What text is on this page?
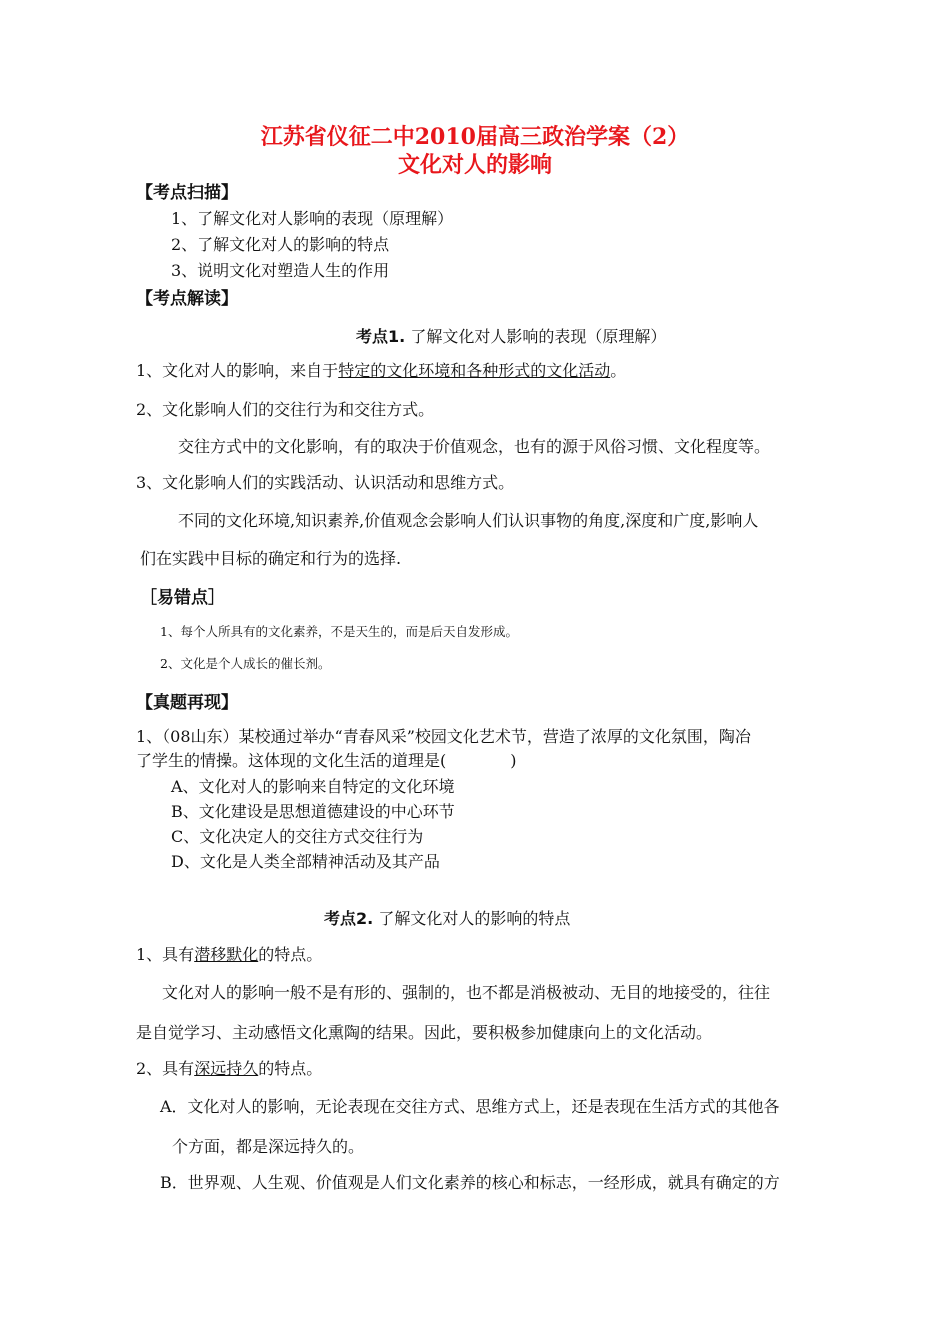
江苏省仪征二中2010届高三政治学案（2）
文化对人的影响
【考点扫描】
1、了解文化对人影响的表现（原理解）
2、了解文化对人的影响的特点
3、说明文化对塑造人生的作用
【考点解读】
考点1. 了解文化对人影响的表现（原理解）
1、文化对人的影响，来自于特定的文化环境和各种形式的文化活动。
2、文化影响人们的交往行为和交往方式。
交往方式中的文化影响，有的取决于价值观念，也有的源于风俗习惯、文化程度等。
3、文化影响人们的实践活动、认识活动和思维方式。
不同的文化环境,知识素养,价值观念会影响人们认识事物的角度,深度和广度,影响人
们在实践中目标的确定和行为的选择.
［易错点］
1、每个人所具有的文化素养，不是天生的，而是后天自发形成。
2、文化是个人成长的催长剂。
【真题再现】
1、（08山东）某校通过举办“青春风采”校园文化艺术节，营造了浓厚的文化氛围，陶冶
了学生的情操。这体现的文化生活的道理是(　　　　)
A、文化对人的影响来自特定的文化环境
B、文化建设是思想道德建设的中心环节
C、文化决定人的交往方式交往行为
D、文化是人类全部精神活动及其产品
考点2. 了解文化对人的影响的特点
1、具有潜移默化的特点。
文化对人的影响一般不是有形的、强制的，也不都是消极被动、无目的地接受的，往往
是自觉学习、主动感悟文化熏陶的结果。因此，要积极参加健康向上的文化活动。
2、具有深远持久的特点。
A．文化对人的影响，无论表现在交往方式、思维方式上，还是表现在生活方式的其他各
个方面，都是深远持久的。
B．世界观、人生观、价值观是人们文化素养的核心和标志，一经形成，就具有确定的方
